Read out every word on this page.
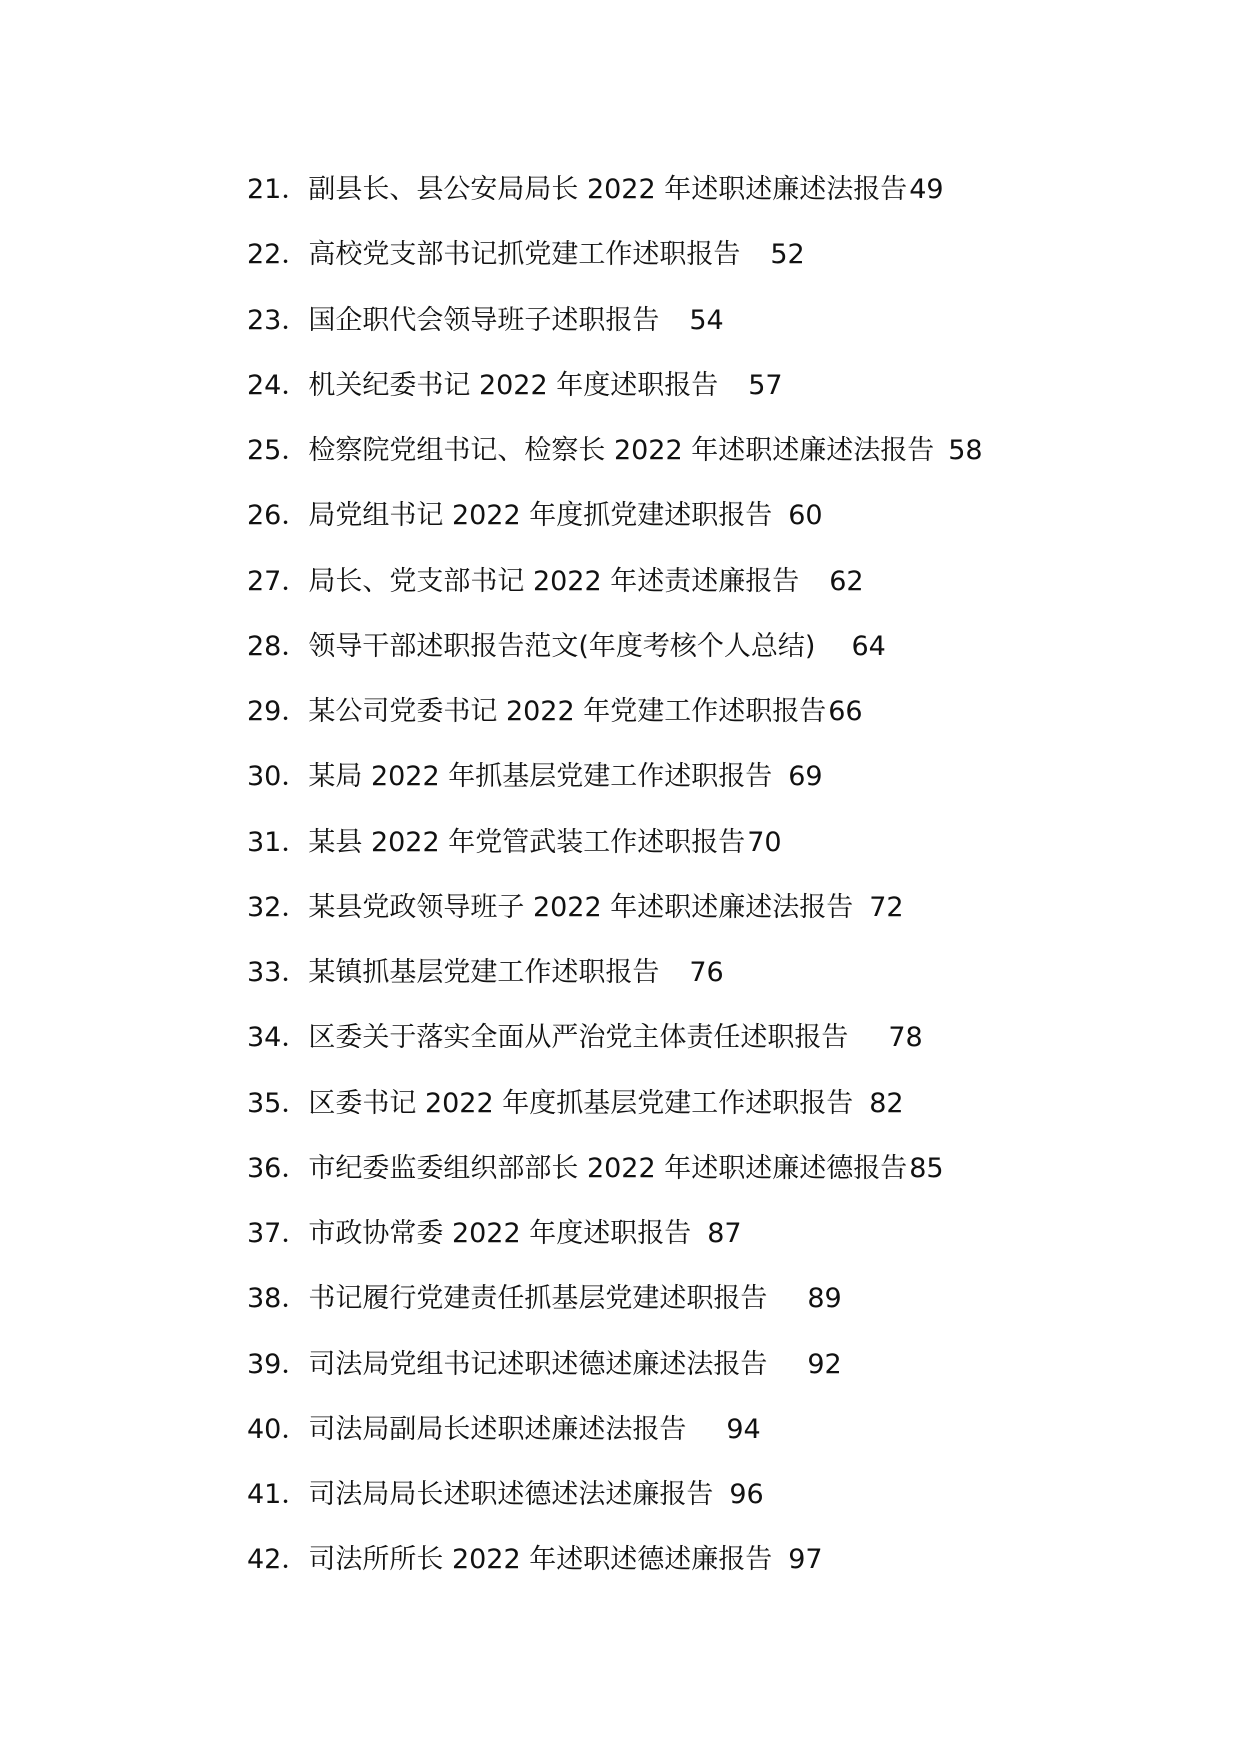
21． 副县长、县公安局局长 2022 年述职述廉述法报告 49
22． 高校党支部书记抓党建工作述职报告 52
23． 国企职代会领导班子述职报告 54
24． 机关纪委书记 2022 年度述职报告 57
25． 检察院党组书记、检察长 2022 年述职述廉述法报告 58
26． 局党组书记 2022 年度抓党建述职报告 60
27． 局长、党支部书记 2022 年述责述廉报告 62
28． 领导干部述职报告范文(年度考核个人总结) 64
29． 某公司党委书记 2022 年党建工作述职报告 66
30． 某局 2022 年抓基层党建工作述职报告 69
31． 某县 2022 年党管武装工作述职报告 70
32． 某县党政领导班子 2022 年述职述廉述法报告 72
33． 某镇抓基层党建工作述职报告 76
34． 区委关于落实全面从严治党主体责任述职报告 78
35． 区委书记 2022 年度抓基层党建工作述职报告 82
36． 市纪委监委组织部部长 2022 年述职述廉述德报告 85
37． 市政协常委 2022 年度述职报告 87
38． 书记履行党建责任抓基层党建述职报告 89
39． 司法局党组书记述职述德述廉述法报告 92
40． 司法局副局长述职述廉述法报告 94
41． 司法局局长述职述德述法述廉报告 96
42． 司法所所长 2022 年述职述德述廉报告 97
